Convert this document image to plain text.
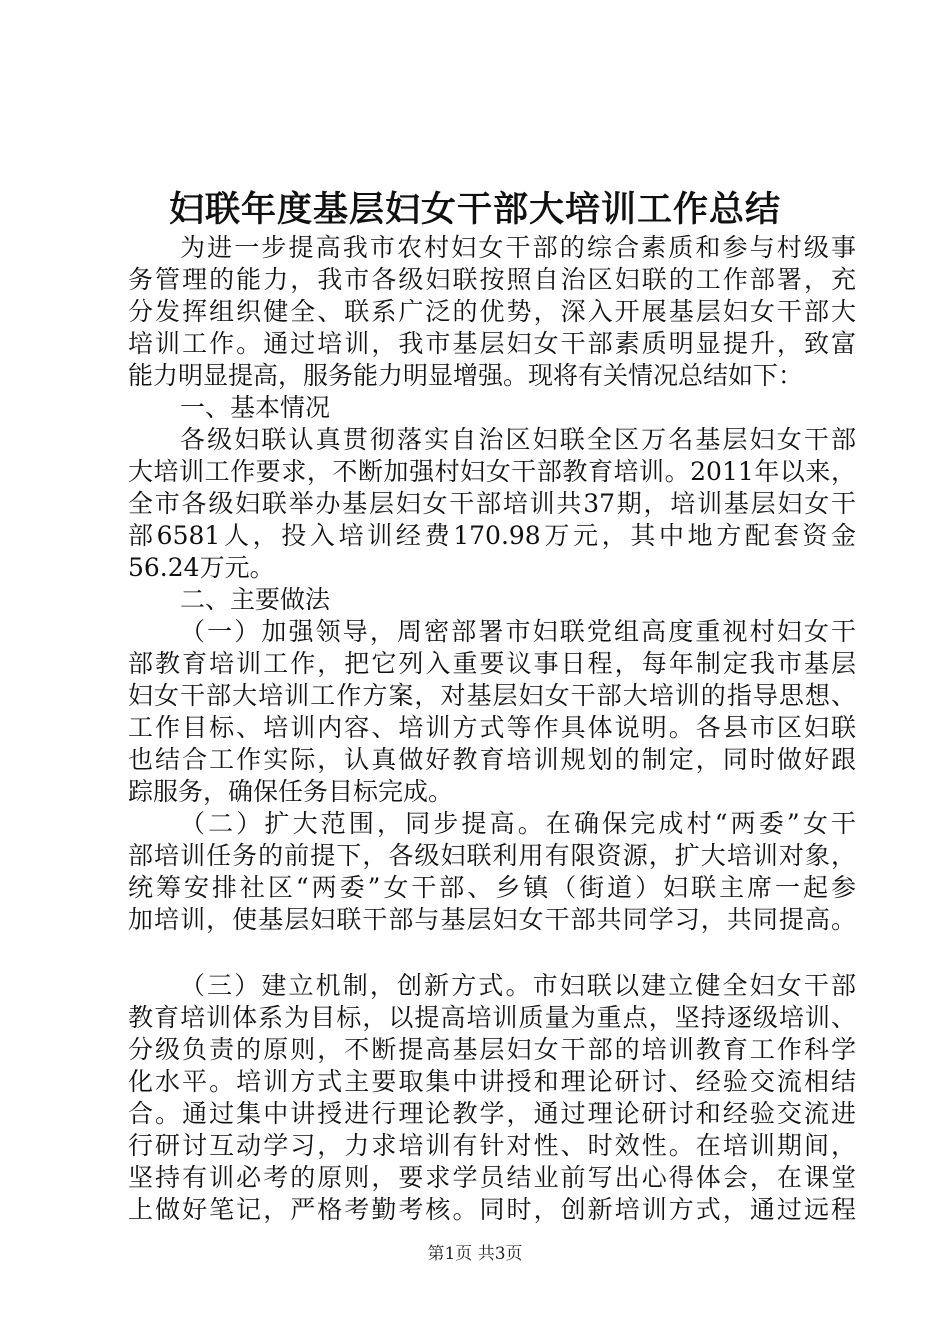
妇联年度基层妇女干部大培训工作总结
为进一步提高我市农村妇女干部的综合素质和参与村级事
务管理的能力，我市各级妇联按照自治区妇联的工作部署，充
分发挥组织健全、联系广泛的优势，深入开展基层妇女干部大
培训工作。通过培训，我市基层妇女干部素质明显提升，致富
能力明显提高，服务能力明显增强。现将有关情况总结如下：
一、基本情况
各级妇联认真贯彻落实自治区妇联全区万名基层妇女干部
大培训工作要求，不断加强村妇女干部教育培训。2011年以来，
全市各级妇联举办基层妇女干部培训共37期，培训基层妇女干
部6581人，投入培训经费170.98万元，其中地方配套资金
56.24万元。
二、主要做法
（一）加强领导，周密部署市妇联党组高度重视村妇女干
部教育培训工作，把它列入重要议事日程，每年制定我市基层
妇女干部大培训工作方案，对基层妇女干部大培训的指导思想、
工作目标、培训内容、培训方式等作具体说明。各县市区妇联
也结合工作实际，认真做好教育培训规划的制定，同时做好跟
踪服务，确保任务目标完成。
（二）扩大范围，同步提高。在确保完成村“两委”女干
部培训任务的前提下，各级妇联利用有限资源，扩大培训对象，
统筹安排社区“两委”女干部、乡镇（街道）妇联主席一起参
加培训，使基层妇联干部与基层妇女干部共同学习，共同提高。
（三）建立机制，创新方式。市妇联以建立健全妇女干部
教育培训体系为目标，以提高培训质量为重点，坚持逐级培训、
分级负责的原则，不断提高基层妇女干部的培训教育工作科学
化水平。培训方式主要取集中讲授和理论研讨、经验交流相结
合。通过集中讲授进行理论教学，通过理论研讨和经验交流进
行研讨互动学习，力求培训有针对性、时效性。在培训期间，
坚持有训必考的原则，要求学员结业前写出心得体会，在课堂
上做好笔记，严格考勤考核。同时，创新培训方式，通过远程
第1页 共3页
